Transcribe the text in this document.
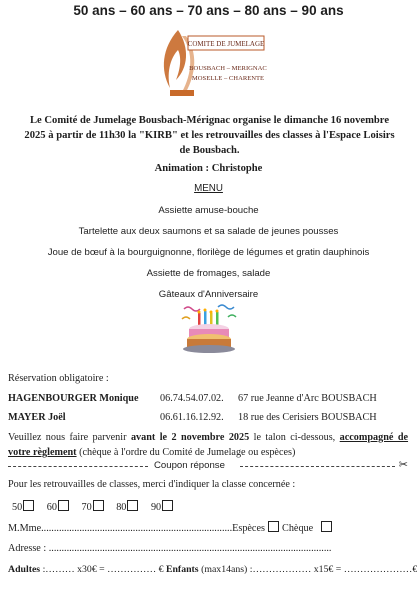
50 ans – 60 ans – 70 ans – 80 ans – 90 ans
COMITE DE JUMELAGE
BOUSBACH – MERIGNAC
MOSELLE – CHARENTE
Le Comité de Jumelage Bousbach-Mérignac organise le dimanche 16 novembre
2025 à partir de 11h30 la "KIRB" et les retrouvailles des classes à l'Espace Loisirs
de Bousbach.
Animation : Christophe
MENU
Assiette amuse-bouche
Tartelette aux deux saumons et sa salade de jeunes pousses
Joue de bœuf à la bourguignonne, florilège de légumes et gratin dauphinois
Assiette de fromages, salade
Gâteaux d'Anniversaire
Réservation obligatoire :
HAGENBOURGER Monique 06.74.54.07.02. 67 rue Jeanne d'Arc BOUSBACH
MAYER Joël	06.61.16.12.92. 18 rue des Cerisiers BOUSBACH
Veuillez nous faire parvenir avant le 2 novembre 2025 le talon ci-dessous, accompagné de votre règlement (chèque à l'ordre du Comité de Jumelage ou espèces)
Coupon réponse	✂
Pour les retrouvailles de classes, merci d'indiquer la classe concernée :
50 60 70 80 90
M.Mme...........................................................................Espèces Chèque
Adresse : ...............................................................................................................
Adultes :……… x30€ = …………… € Enfants (max14ans) :……………… x15€ = …………………€
